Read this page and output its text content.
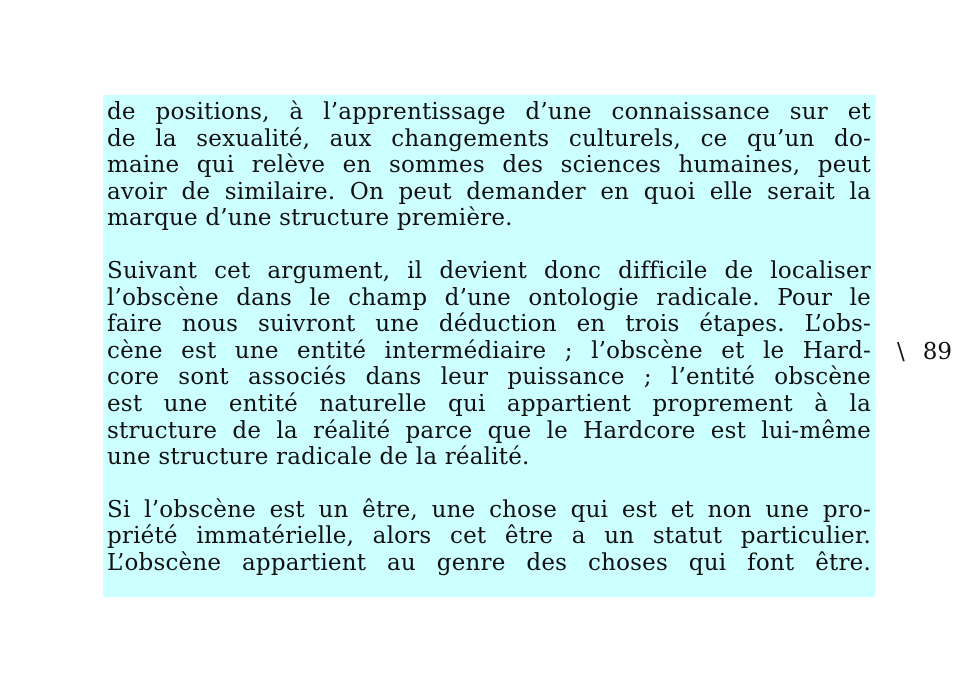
de positions, à l’apprentissage d’une connaissance sur et
de la sexualité, aux changements culturels, ce qu’un do-
maine qui relève en sommes des sciences humaines, peut
avoir de similaire. On peut demander en quoi elle serait la
marque d’une structure première.

Suivant cet argument, il devient donc difficile de localiser
l’obscène dans le champ d’une ontologie radicale. Pour le
faire nous suivront une déduction en trois étapes. L’obs-
cène est une entité intermédiaire ; l’obscène et le Hard-
core sont associés dans leur puissance ; l’entité obscène
est une entité naturelle qui appartient proprement à la
structure de la réalité parce que le Hardcore est lui-même
une structure radicale de la réalité.

Si l’obscène est un être, une chose qui est et non une pro-
priété immatérielle, alors cet être a un statut particulier.
L’obscène appartient au genre des choses qui font être.

\ 89
